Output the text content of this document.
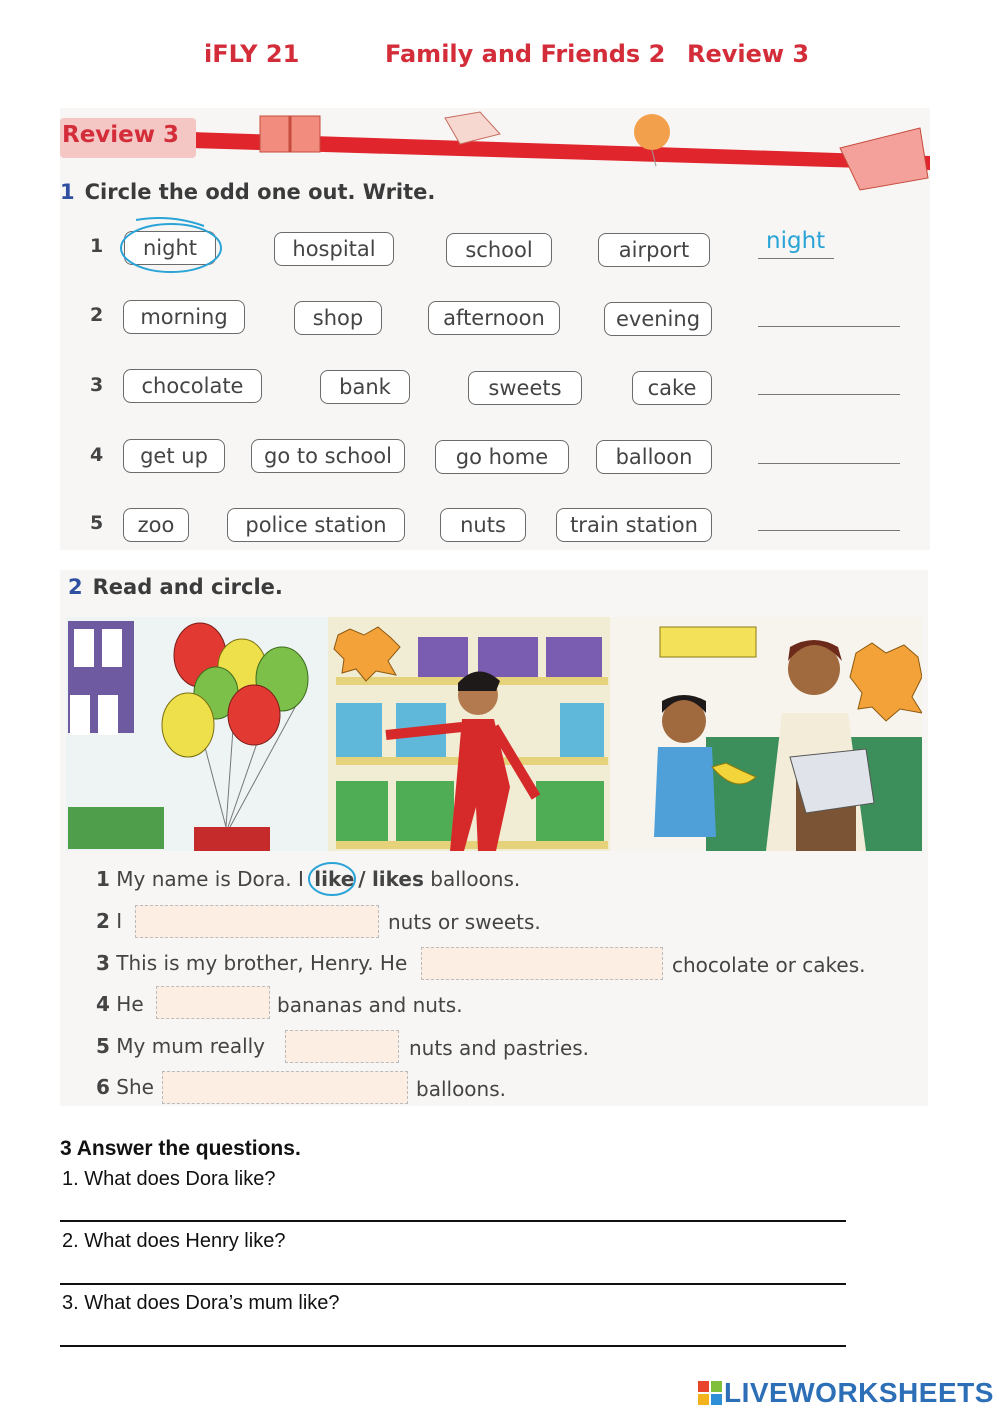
iFLY 21	Family and Friends 2 Review 3
Review 3
1 Circle the odd one out. Write.
1	night	hospital	school	airport	night
2	morning	shop	afternoon	evening
3	chocolate	bank	sweets	cake
4	get up	go to school	go home	balloon
5	zoo	police station	nuts	train station
2 Read and circle.
1 My name is Dora. I like / likes balloons.
2 I	nuts or sweets.
3 This is my brother, Henry. He	chocolate or cakes.
4 He	bananas and nuts.
5 My mum really	nuts and pastries.
6 She	balloons.
3 Answer the questions.
1. What does Dora like?
2. What does Henry like?
3. What does Dora’s mum like?
LIVEWORKSHEETS
